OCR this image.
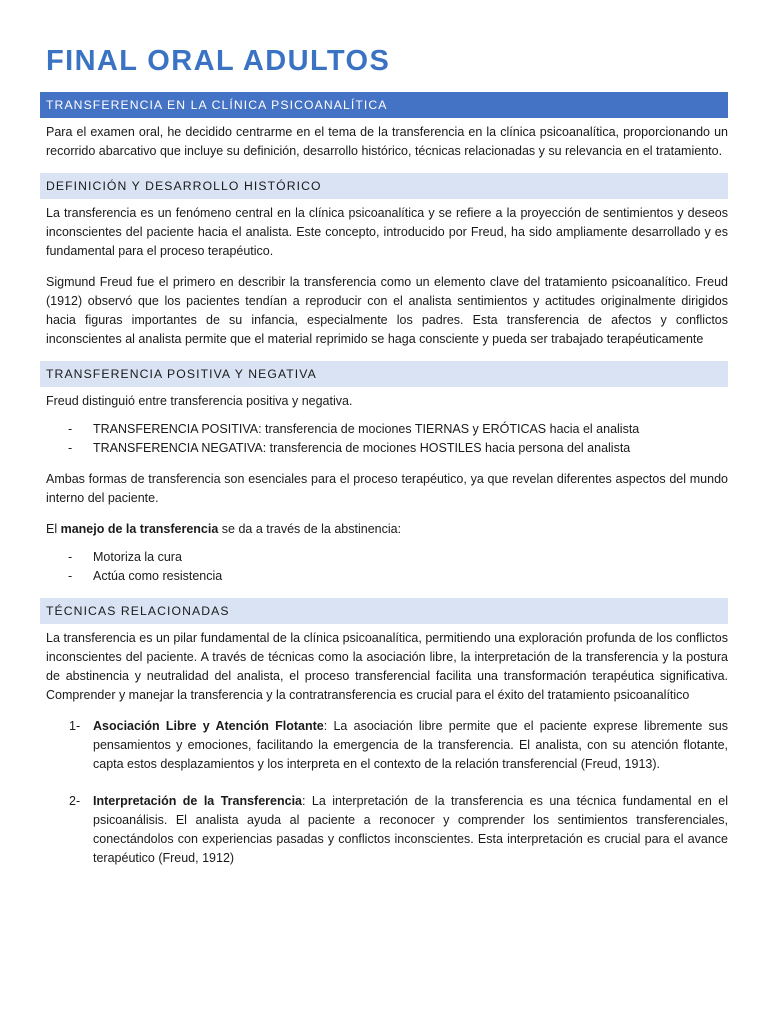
FINAL ORAL ADULTOS
TRANSFERENCIA EN LA CLÍNICA PSICOANALÍTICA

Para el examen oral, he decidido centrarme en el tema de la transferencia en la clínica psicoanalítica, proporcionando un recorrido abarcativo que incluye su definición, desarrollo histórico, técnicas relacionadas y su relevancia en el tratamiento.

DEFINICIÓN Y DESARROLLO HISTÓRICO

La transferencia es un fenómeno central en la clínica psicoanalítica y se refiere a la proyección de sentimientos y deseos inconscientes del paciente hacia el analista. Este concepto, introducido por Freud, ha sido ampliamente desarrollado y es fundamental para el proceso terapéutico.

Sigmund Freud fue el primero en describir la transferencia como un elemento clave del tratamiento psicoanalítico. Freud (1912) observó que los pacientes tendían a reproducir con el analista sentimientos y actitudes originalmente dirigidos hacia figuras importantes de su infancia, especialmente los padres. Esta transferencia de afectos y conflictos inconscientes al analista permite que el material reprimido se haga consciente y pueda ser trabajado terapéuticamente

TRANSFERENCIA POSITIVA Y NEGATIVA

Freud distinguió entre transferencia positiva y negativa.

- TRANSFERENCIA POSITIVA: transferencia de mociones TIERNAS y ERÓTICAS hacia el analista
- TRANSFERENCIA NEGATIVA: transferencia de mociones HOSTILES hacia persona del analista

Ambas formas de transferencia son esenciales para el proceso terapéutico, ya que revelan diferentes aspectos del mundo interno del paciente.

El manejo de la transferencia se da a través de la abstinencia:

- Motoriza la cura
- Actúa como resistencia
TÉCNICAS RELACIONADAS

La transferencia es un pilar fundamental de la clínica psicoanalítica, permitiendo una exploración profunda de los conflictos inconscientes del paciente. A través de técnicas como la asociación libre, la interpretación de la transferencia y la postura de abstinencia y neutralidad del analista, el proceso transferencial facilita una transformación terapéutica significativa. Comprender y manejar la transferencia y la contratransferencia es crucial para el éxito del tratamiento psicoanalítico

1- Asociación Libre y Atención Flotante: La asociación libre permite que el paciente exprese libremente sus pensamientos y emociones, facilitando la emergencia de la transferencia. El analista, con su atención flotante, capta estos desplazamientos y los interpreta en el contexto de la relación transferencial (Freud, 1913).
2- Interpretación de la Transferencia: La interpretación de la transferencia es una técnica fundamental en el psicoanálisis. El analista ayuda al paciente a reconocer y comprender los sentimientos transferenciales, conectándolos con experiencias pasadas y conflictos inconscientes. Esta interpretación es crucial para el avance terapéutico (Freud, 1912)
